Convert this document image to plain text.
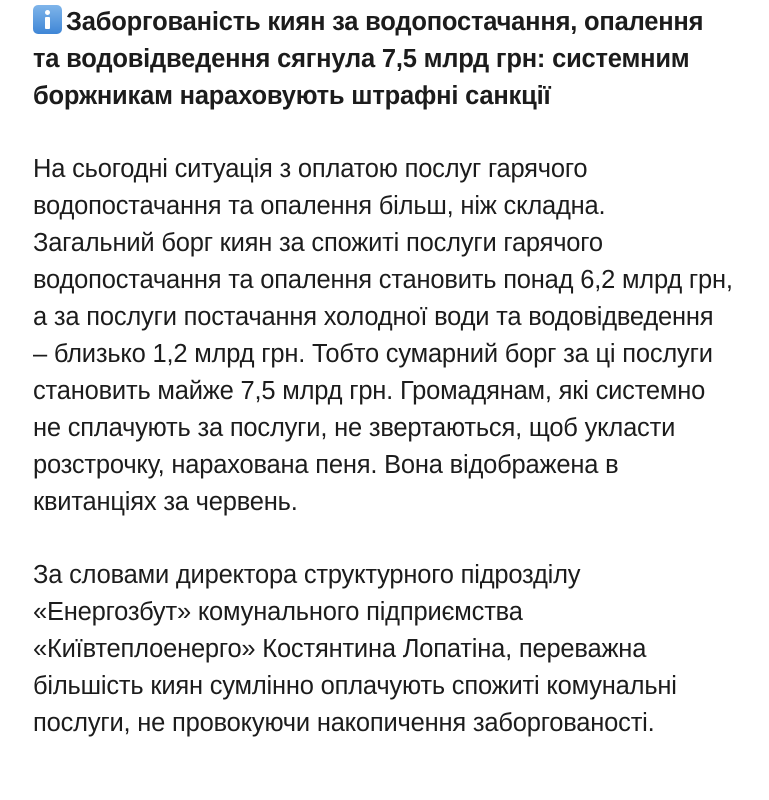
Заборгованість киян за водопостачання, опалення та водовідведення сягнула 7,5 млрд грн: системним боржникам нараховують штрафні санкції

На сьогодні ситуація з оплатою послуг гарячого водопостачання та опалення більш, ніж складна. Загальний борг киян за спожиті послуги гарячого водопостачання та опалення становить понад 6,2 млрд грн, а за послуги постачання холодної води та водовідведення – близько 1,2 млрд грн. Тобто сумарний борг за ці послуги становить майже 7,5 млрд грн. Громадянам, які системно не сплачують за послуги, не звертаються, щоб укласти розстрочку, нарахована пеня. Вона відображена в квитанціях за червень.

За словами директора структурного підрозділу «Енергозбут» комунального підприємства «Київтеплоенерго» Костянтина Лопатіна, переважна більшість киян сумлінно оплачують спожиті комунальні послуги, не провокуючи накопичення заборгованості.
